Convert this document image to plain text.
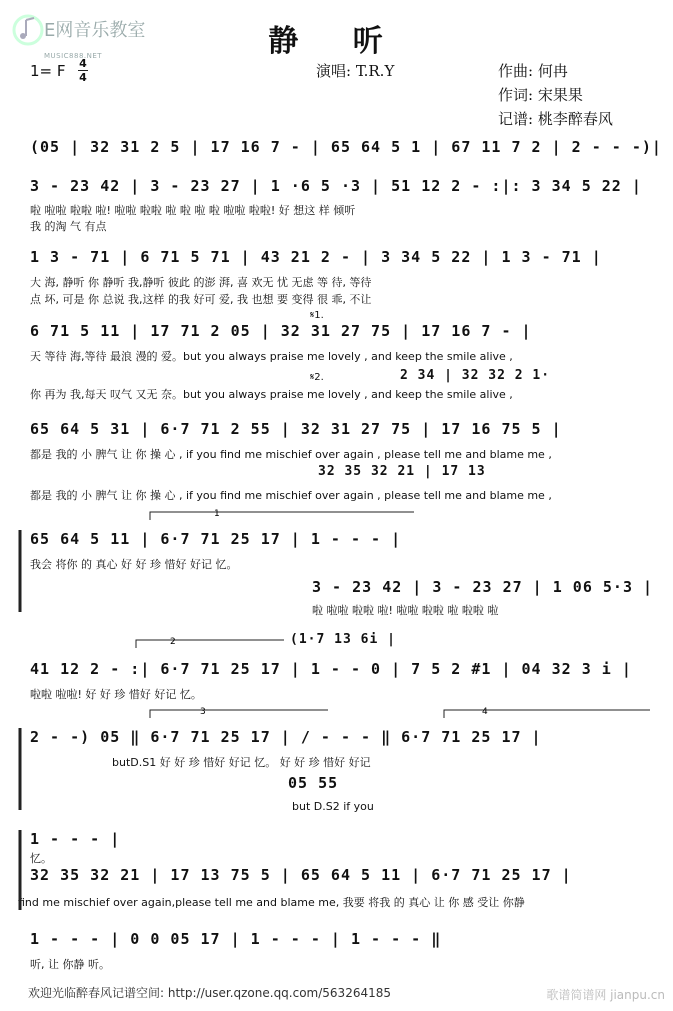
E网音乐教室
MUSIC888.NET	静 听
演唱: T.R.Y	作曲: 何冉
作词: 宋果果
记谱: 桃李醉春风
1= F 4
4
(05 | 32 31 2 5 | 17 16 7 - | 65 64 5 1 | 67 11 7 2 | 2 - - -)|
3 - 23 42 | 3 - 23 27 | 1 ·6 5 ·3 | 51 12 2 - :|: 3 34 5 22 |
啦 啦啦 啦啦 啦! 啦啦 啦啦 啦 啦 啦 啦 啦啦 啦啦! 好 想这 样 倾听
我 的淘 气 有点
1 3 - 71 | 6 71 5 71 | 43 21 2 - | 3 34 5 22 | 1 3 - 71 |
大 海, 静听 你 静听 我,静听 彼此 的澎 湃, 喜 欢无 忧 无虑 等 待, 等待
点 坏, 可是 你 总说 我,这样 的我 好可 爱, 我 也想 要 变得 很 乖, 不让
6 71 5 11 | 17 71 2 05 | 32 31 27 75 | 17 16 7 - |
𝄋1.
天 等待 海,等待 最浪 漫的 爱。but you always praise me lovely , and keep the smile alive ,
𝄋2.	2 34 | 32 32 2 1·
你 再为 我,每天 叹气 又无 奈。but you always praise me lovely , and keep the smile alive ,
65 64 5 31 | 6·7 71 2 55 | 32 31 27 75 | 17 16 75 5 |
都是 我的 小 脾气 让 你 操 心 , if you find me mischief over again , please tell me and blame me ,
32 35 32 21 | 17 13
都是 我的 小 脾气 让 你 操 心 , if you find me mischief over again , please tell me and blame me ,
65 64 5 11 | 6·7 71 25 17 | 1 - - - |
我会 将你 的 真心 好 好 珍 惜好 好记 忆。
3 - 23 42 | 3 - 23 27 | 1 06 5·3 |
啦 啦啦 啦啦 啦! 啦啦 啦啦 啦 啦啦 啦
(1·7 13 6i |
41 12 2 - :| 6·7 71 25 17 | 1 - - 0 | 7 5 2 #1 | 04 32 3 i |
啦啦 啦啦! 好 好 珍 惜好 好记 忆。
2 - -) 05 ‖ 6·7 71 25 17 | / - - - ‖ 6·7 71 25 17 |
butD.S1 好 好 珍 惜好 好记 忆。 好 好 珍 惜好 好记
05 55
but D.S2 if you
1 - - - |
忆。
32 35 32 21 | 17 13 75 5 | 65 64 5 11 | 6·7 71 25 17 |
find me mischief over again,please tell me and blame me, 我要 将我 的 真心 让 你 感 受让 你静
1 - - - | 0 0 05 17 | 1 - - - | 1 - - - ‖
听, 让 你静 听。
1
2
3	4
欢迎光临醉春风记谱空间: http://user.qzone.qq.com/563264185	歌谱简谱网 jianpu.cn
